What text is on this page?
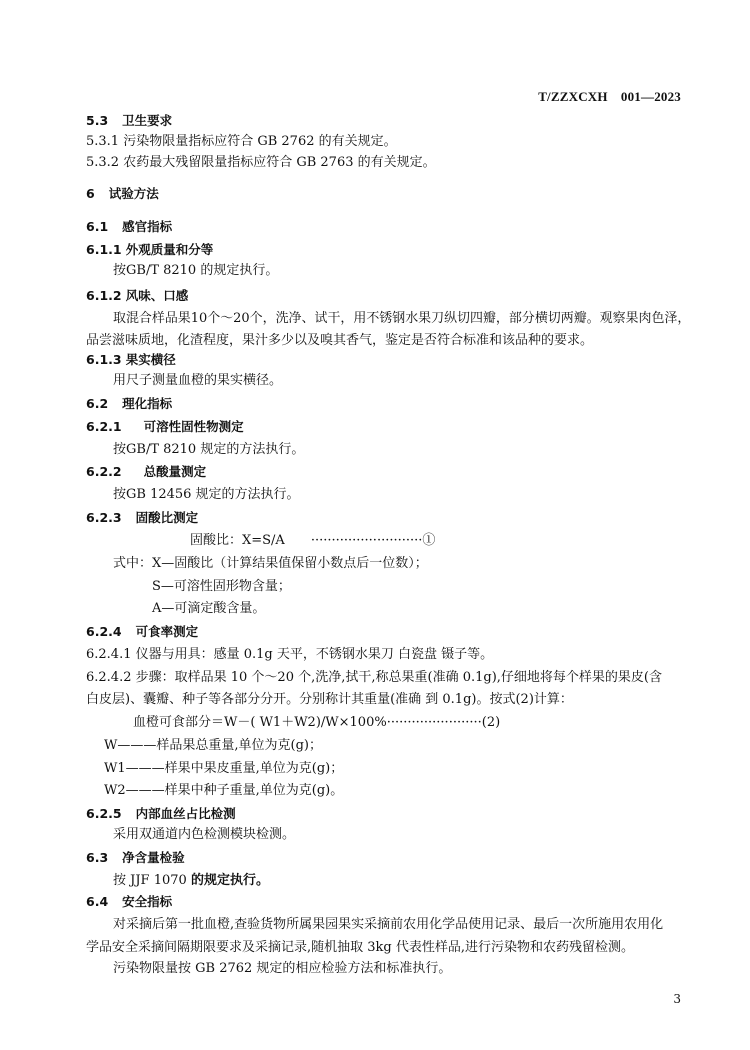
T/ZZXCXH　001—2023
5.3 卫生要求
5.3.1 污染物限量指标应符合 GB 2762 的有关规定。
5.3.2 农药最大残留限量指标应符合 GB 2763 的有关规定。
6 试验方法
6.1 感官指标
6.1.1 外观质量和分等
按GB/T 8210 的规定执行。
6.1.2 风味、口感
取混合样品果10个～20个，洗净、试干，用不锈钢水果刀纵切四瓣，部分横切两瓣。观察果肉色泽，
品尝滋味质地，化渣程度，果汁多少以及嗅其香气，鉴定是否符合标准和该品种的要求。
6.1.3 果实横径
用尺子测量血橙的果实横径。
6.2 理化指标
6.2.1 可溶性固性物测定
按GB/T 8210 规定的方法执行。
6.2.2 总酸量测定
按GB 12456 规定的方法执行。
6.2.3 固酸比测定
固酸比：X=S/A　　···························①
式中：X—固酸比（计算结果值保留小数点后一位数）；
S—可溶性固形物含量；
A—可滴定酸含量。
6.2.4 可食率测定
6.2.4.1 仪器与用具：感量 0.1g 天平，不锈钢水果刀 白瓷盘 镊子等。
6.2.4.2 步骤：取样品果 10 个～20 个,洗净,拭干,称总果重(准确 0.1g),仔细地将每个样果的果皮(含
白皮层)、囊瓣、种子等各部分分开。分别称计其重量(准确 到 0.1g)。按式(2)计算：
血橙可食部分＝W－( W1＋W2)/W×100%·······················(2)
W———样品果总重量,单位为克(g)；
W1———样果中果皮重量,单位为克(g)；
W2———样果中种子重量,单位为克(g)。
6.2.5 内部血丝占比检测
采用双通道内色检测模块检测。
6.3 净含量检验
按 JJF 1070 的规定执行。
6.4 安全指标
对采摘后第一批血橙,查验货物所属果园果实采摘前农用化学品使用记录、最后一次所施用农用化
学品安全采摘间隔期限要求及采摘记录,随机抽取 3kg 代表性样品,进行污染物和农药残留检测。
污染物限量按 GB 2762 规定的相应检验方法和标准执行。
3
